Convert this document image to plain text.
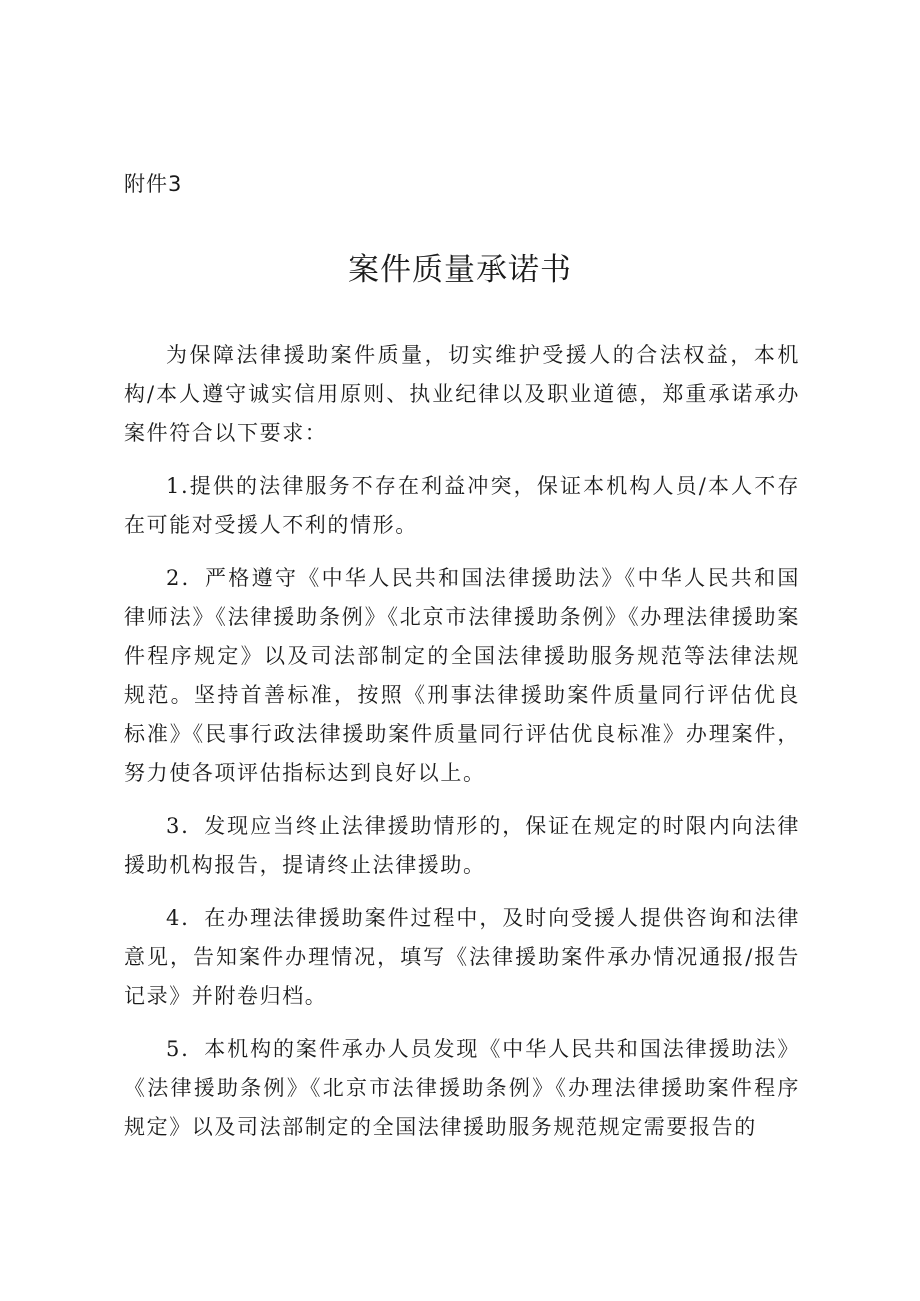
附件3

案件质量承诺书

为保障法律援助案件质量，切实维护受援人的合法权益，本机构/本人遵守诚实信用原则、执业纪律以及职业道德，郑重承诺承办案件符合以下要求：

1.提供的法律服务不存在利益冲突，保证本机构人员/本人不存在可能对受援人不利的情形。

2．严格遵守《中华人民共和国法律援助法》《中华人民共和国律师法》《法律援助条例》《北京市法律援助条例》《办理法律援助案件程序规定》以及司法部制定的全国法律援助服务规范等法律法规规范。坚持首善标准，按照《刑事法律援助案件质量同行评估优良标准》《民事行政法律援助案件质量同行评估优良标准》办理案件，努力使各项评估指标达到良好以上。

3．发现应当终止法律援助情形的，保证在规定的时限内向法律援助机构报告，提请终止法律援助。

4．在办理法律援助案件过程中，及时向受援人提供咨询和法律意见，告知案件办理情况，填写《法律援助案件承办情况通报/报告记录》并附卷归档。

5．本机构的案件承办人员发现《中华人民共和国法律援助法》《法律援助条例》《北京市法律援助条例》《办理法律援助案件程序规定》以及司法部制定的全国法律援助服务规范规定需要报告的
